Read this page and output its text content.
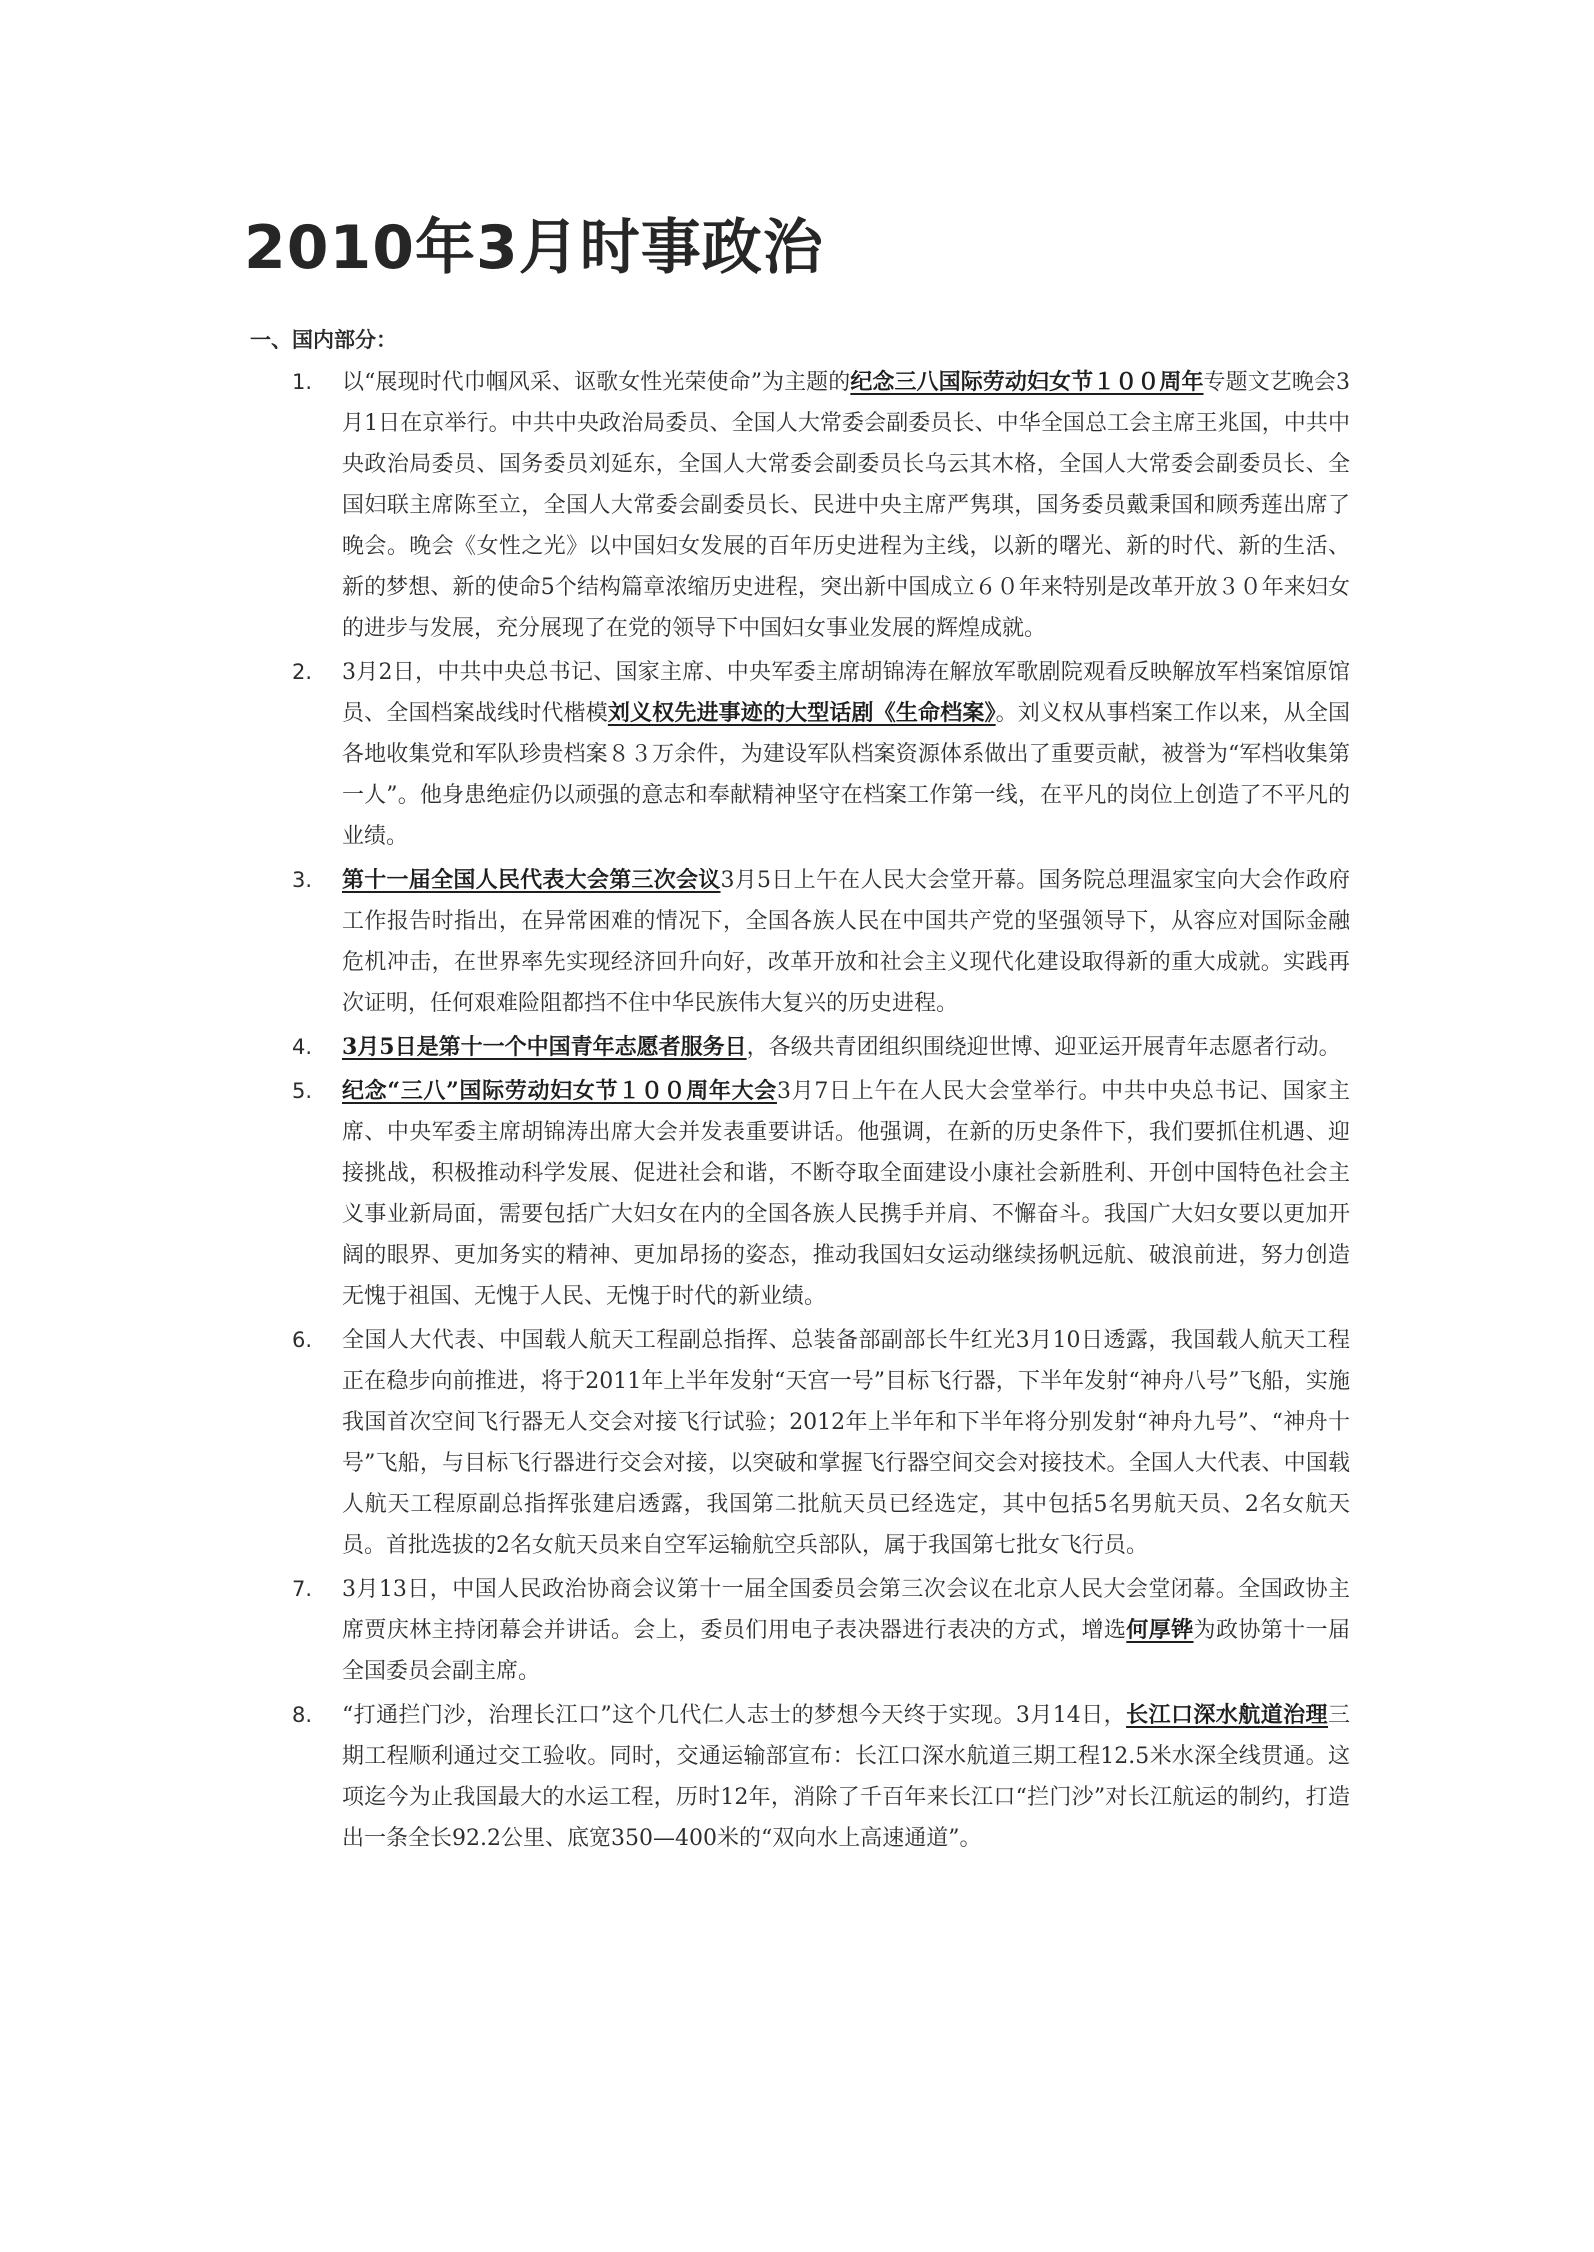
2010年3月时事政治
一、国内部分：
1. 以“展现时代巾帼风采、讴歌女性光荣使命”为主题的纪念三八国际劳动妇女节１００周年专题文艺晚会3月1日在京举行。中共中央政治局委员、全国人大常委会副委员长、中华全国总工会主席王兆国，中共中央政治局委员、国务委员刘延东，全国人大常委会副委员长乌云其木格，全国人大常委会副委员长、全国妇联主席陈至立，全国人大常委会副委员长、民进中央主席严隽琪，国务委员戴秉国和顾秀莲出席了晚会。晚会《女性之光》以中国妇女发展的百年历史进程为主线，以新的曙光、新的时代、新的生活、新的梦想、新的使命5个结构篇章浓缩历史进程，突出新中国成立６０年来特别是改革开放３０年来妇女的进步与发展，充分展现了在党的领导下中国妇女事业发展的辉煌成就。
2. 3月2日，中共中央总书记、国家主席、中央军委主席胡锦涛在解放军歌剧院观看反映解放军档案馆原馆员、全国档案战线时代楷模刘义权先进事迹的大型话剧《生命档案》。刘义权从事档案工作以来，从全国各地收集党和军队珍贵档案８３万余件，为建设军队档案资源体系做出了重要贡献，被誉为“军档收集第一人”。他身患绝症仍以顽强的意志和奉献精神坚守在档案工作第一线，在平凡的岗位上创造了不平凡的业绩。
3. 第十一届全国人民代表大会第三次会议3月5日上午在人民大会堂开幕。国务院总理温家宝向大会作政府工作报告时指出，在异常困难的情况下，全国各族人民在中国共产党的坚强领导下，从容应对国际金融危机冲击，在世界率先实现经济回升向好，改革开放和社会主义现代化建设取得新的重大成就。实践再次证明，任何艰难险阻都挡不住中华民族伟大复兴的历史进程。
4. 3月5日是第十一个中国青年志愿者服务日，各级共青团组织围绕迎世博、迎亚运开展青年志愿者行动。
5. 纪念“三八”国际劳动妇女节１００周年大会3月7日上午在人民大会堂举行。中共中央总书记、国家主席、中央军委主席胡锦涛出席大会并发表重要讲话。他强调，在新的历史条件下，我们要抓住机遇、迎接挑战，积极推动科学发展、促进社会和谐，不断夺取全面建设小康社会新胜利、开创中国特色社会主义事业新局面，需要包括广大妇女在内的全国各族人民携手并肩、不懈奋斗。我国广大妇女要以更加开阔的眼界、更加务实的精神、更加昂扬的姿态，推动我国妇女运动继续扬帆远航、破浪前进，努力创造无愧于祖国、无愧于人民、无愧于时代的新业绩。
6. 全国人大代表、中国载人航天工程副总指挥、总装备部副部长牛红光3月10日透露，我国载人航天工程正在稳步向前推进，将于2011年上半年发射“天宫一号”目标飞行器，下半年发射“神舟八号”飞船，实施我国首次空间飞行器无人交会对接飞行试验；2012年上半年和下半年将分别发射“神舟九号”、“神舟十号”飞船，与目标飞行器进行交会对接，以突破和掌握飞行器空间交会对接技术。全国人大代表、中国载人航天工程原副总指挥张建启透露，我国第二批航天员已经选定，其中包括5名男航天员、2名女航天员。首批选拔的2名女航天员来自空军运输航空兵部队，属于我国第七批女飞行员。
7. 3月13日，中国人民政治协商会议第十一届全国委员会第三次会议在北京人民大会堂闭幕。全国政协主席贾庆林主持闭幕会并讲话。会上，委员们用电子表决器进行表决的方式，增选何厚铧为政协第十一届全国委员会副主席。
8. “打通拦门沙，治理长江口”这个几代仁人志士的梦想今天终于实现。3月14日，长江口深水航道治理三期工程顺利通过交工验收。同时，交通运输部宣布：长江口深水航道三期工程12.5米水深全线贯通。这项迄今为止我国最大的水运工程，历时12年，消除了千百年来长江口“拦门沙”对长江航运的制约，打造出一条全长92.2公里、底宽350—400米的“双向水上高速通道”。
